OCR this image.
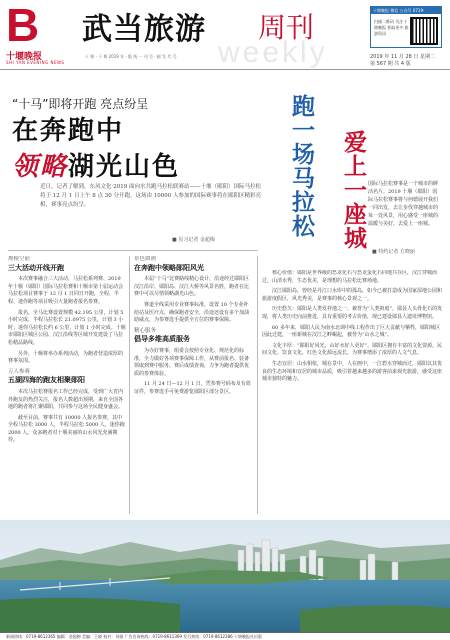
B
十堰晚报
SHI YAN EVENING NEWS
武当旅游 周刊
weekly
十 堰 · 十 堰 2019 年 · 版 统 一 刊 号 · 邮 发 代 号
十堰晚报 微信 公众号 0719-8612365
扫描二维码 关注十堰晚报 获取更多 旅游资讯
2019 年 11 月 28 日 星期二
第 567 期 共 4 版
“十马”即将开跑 亮点纷呈
在奔跑中
领略湖光山色
近日，记者了解到，东风文化·2019 面向水共跑马拉松联赛站——十堰（郧阳）国际马拉松将于 12 月 1 日上午 8 点 30 分开跑。这场由 10000 人参加的国际赛事将在郧阳区精彩亮相，赛事亮点纷呈。
■ 见习记者 金超梅
跑一场马拉松 爱上一座城 国际马拉松赛事是一个城市的鲜活名片。2019 十堰（郧阳）国际马拉松赛事将与何德展开我们一同出发，去让步伐穿越城市的每一处风景，用心感受一座城的温暖与美好，去爱上一座城。
■ 特约记者 方晓丽
规模空前
三大活动开线开跑

本次赛事融合三大活动，马拉松系列赛、2019 年十堰（郧阳）国际马拉松赛和十堰市第十届运动会马拉松项目赛事于 12 月 1 日同日开跑，全程、半程、迷你跑等项目吸引大量跑者报名参赛。

报名，全马比赛设置规模 42.195 公里，计划 5 小时完成，半程马拉松长 21.0975 公里，计划 3 小时；迷你马拉松长约 6 公里，计划 1 小时完成。十堰市郧阳区城区公园、汉江沿线等区域开发建设了马拉松精品路线。

另外，十堰将举办系列活动，为跑者营造浓厚的赛事氛围。

万人参赛
五湖四海的跑友相聚郧阳

本次马拉松赛报名工作已经完成，受到广大省内外跑友的热烈关注，报名人数超出预期，来自全国各地的跑者将汇聚郧阳，共同参与这场全民健身盛会。

截至目前，赛事共有 10000 人报名参赛，其中全程马拉松 3000 人，半程马拉松 5000 人，迷你跑 2000 人。众多跑者对十堰美丽的山水风光充满期待。

景色如画
在奔跑中领略郧阳风光

本届“十马”比赛路线精心设计，沿途经过郧阳区汉江沿岸、郧阳岛、汉江大桥等风景名胜，跑者在比赛中可以尽情领略湖光山色。

赛道全线采用专业赛事标准，设置 10 个专业补给站及医疗点，确保跑者安全，沿途还设有多个加油助威点，为参赛选手提供全方位的赛事保障。

精心服务
倡导多维高质服务

为办好赛事，组委会按照专业化、规范化的标准，全力做好各项赛事保障工作，从赛前报名、装备领取到赛中服务、赛后成绩查询，力争为跑者提供优质的参赛体验。

11 月 24 日—12 月 1 日，凭参赛号码布及有效证件，参赛选手可免费游览郧阳区部分景区。

核心价值：郧阳是世界级的恐龙化石与恐龙蛋化石同地共存区，汉江穿城而过，山清水秀，生态优美，是理想的马拉松比赛场地。

汉江郧阳岛，曾经是丹江口水库中的孤岛，如今已被打造成为国家湿地公园和旅游度假区，风光秀美，是赛事的核心景观之一。

历史悠久：郧阳是人类发祥地之一，被誉为“人类祖庭”，郧县人头骨化石的发现，将人类历史向前推进，具有重要的考古价值，现已建设郧县人遗址博物馆。

60 多年来，郧阳人民为南水北调中线工程作出了巨大贡献与牺牲，郧阳城区因此迁建，一座新城在汉江之畔崛起，被誉为“山水之城”。

文化丰厚：“郧阳好风光，山好水好人更好”。郧阳区拥有丰富的文化资源，民间文化、饮食文化、红色文化源远流长，为赛事增添了浓厚的人文气息。

生态宜居：山水相依，城在景中，人在画中，一江碧水穿城而过，郧阳以其优良的生态环境和宜居的城市品质，吸引着越来越多的游客前来观光旅游，感受这座城市独特的魅力。

新闻热线：0719-8612365 编辑：金超梅 美编：王晓 校对：刘娟 广告咨询热线：0719-8611369 发行热线：0719-8612386 十堰晚报社出版
